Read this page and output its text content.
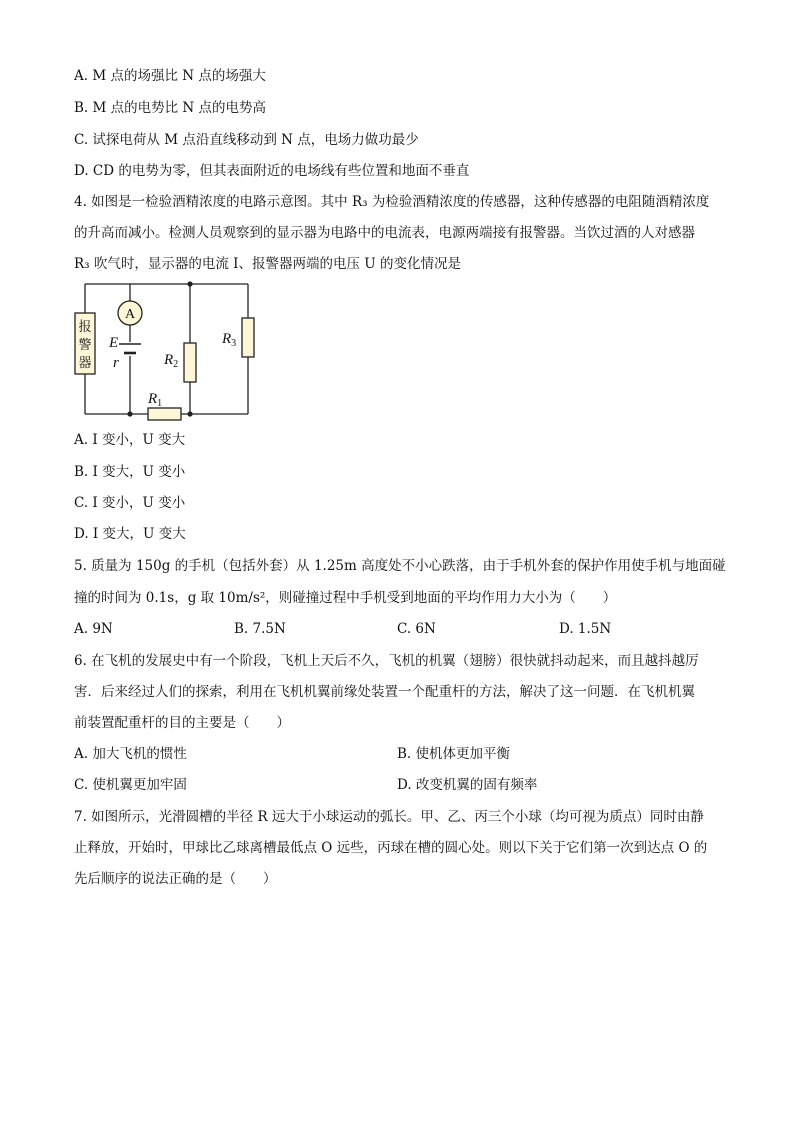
A. M 点的场强比 N 点的场强大
B. M 点的电势比 N 点的电势高
C. 试探电荷从 M 点沿直线移动到 N 点，电场力做功最少
D. CD 的电势为零，但其表面附近的电场线有些位置和地面不垂直
4. 如图是一检验酒精浓度的电路示意图。其中 R₃ 为检验酒精浓度的传感器，这种传感器的电阻随酒精浓度
的升高而减小。检测人员观察到的显示器为电路中的电流表，电源两端接有报警器。当饮过酒的人对感器
R₃ 吹气时，显示器的电流 I、报警器两端的电压 U 的变化情况是
A
报
警
器
E
r	$R_2$
$R_3$
$R_1$
A. I 变小，U 变大
B. I 变大，U 变小
C. I 变小，U 变小
D. I 变大，U 变大
5. 质量为 150g 的手机（包括外套）从 1.25m 高度处不小心跌落，由于手机外套的保护作用使手机与地面碰
撞的时间为 0.1s，g 取 10m/s²，则碰撞过程中手机受到地面的平均作用力大小为（　　）
A. 9N	B. 7.5N	C. 6N	D. 1.5N
6. 在飞机的发展史中有一个阶段，飞机上天后不久，飞机的机翼（翅膀）很快就抖动起来，而且越抖越厉
害．后来经过人们的探索，利用在飞机机翼前缘处装置一个配重杆的方法，解决了这一问题．在飞机机翼
前装置配重杆的目的主要是（　　）
A. 加大飞机的惯性	B. 使机体更加平衡
C. 使机翼更加牢固	D. 改变机翼的固有频率
7. 如图所示，光滑圆槽的半径 R 远大于小球运动的弧长。甲、乙、丙三个小球（均可视为质点）同时由静
止释放，开始时，甲球比乙球离槽最低点 O 远些，丙球在槽的圆心处。则以下关于它们第一次到达点 O 的
先后顺序的说法正确的是（　　）
